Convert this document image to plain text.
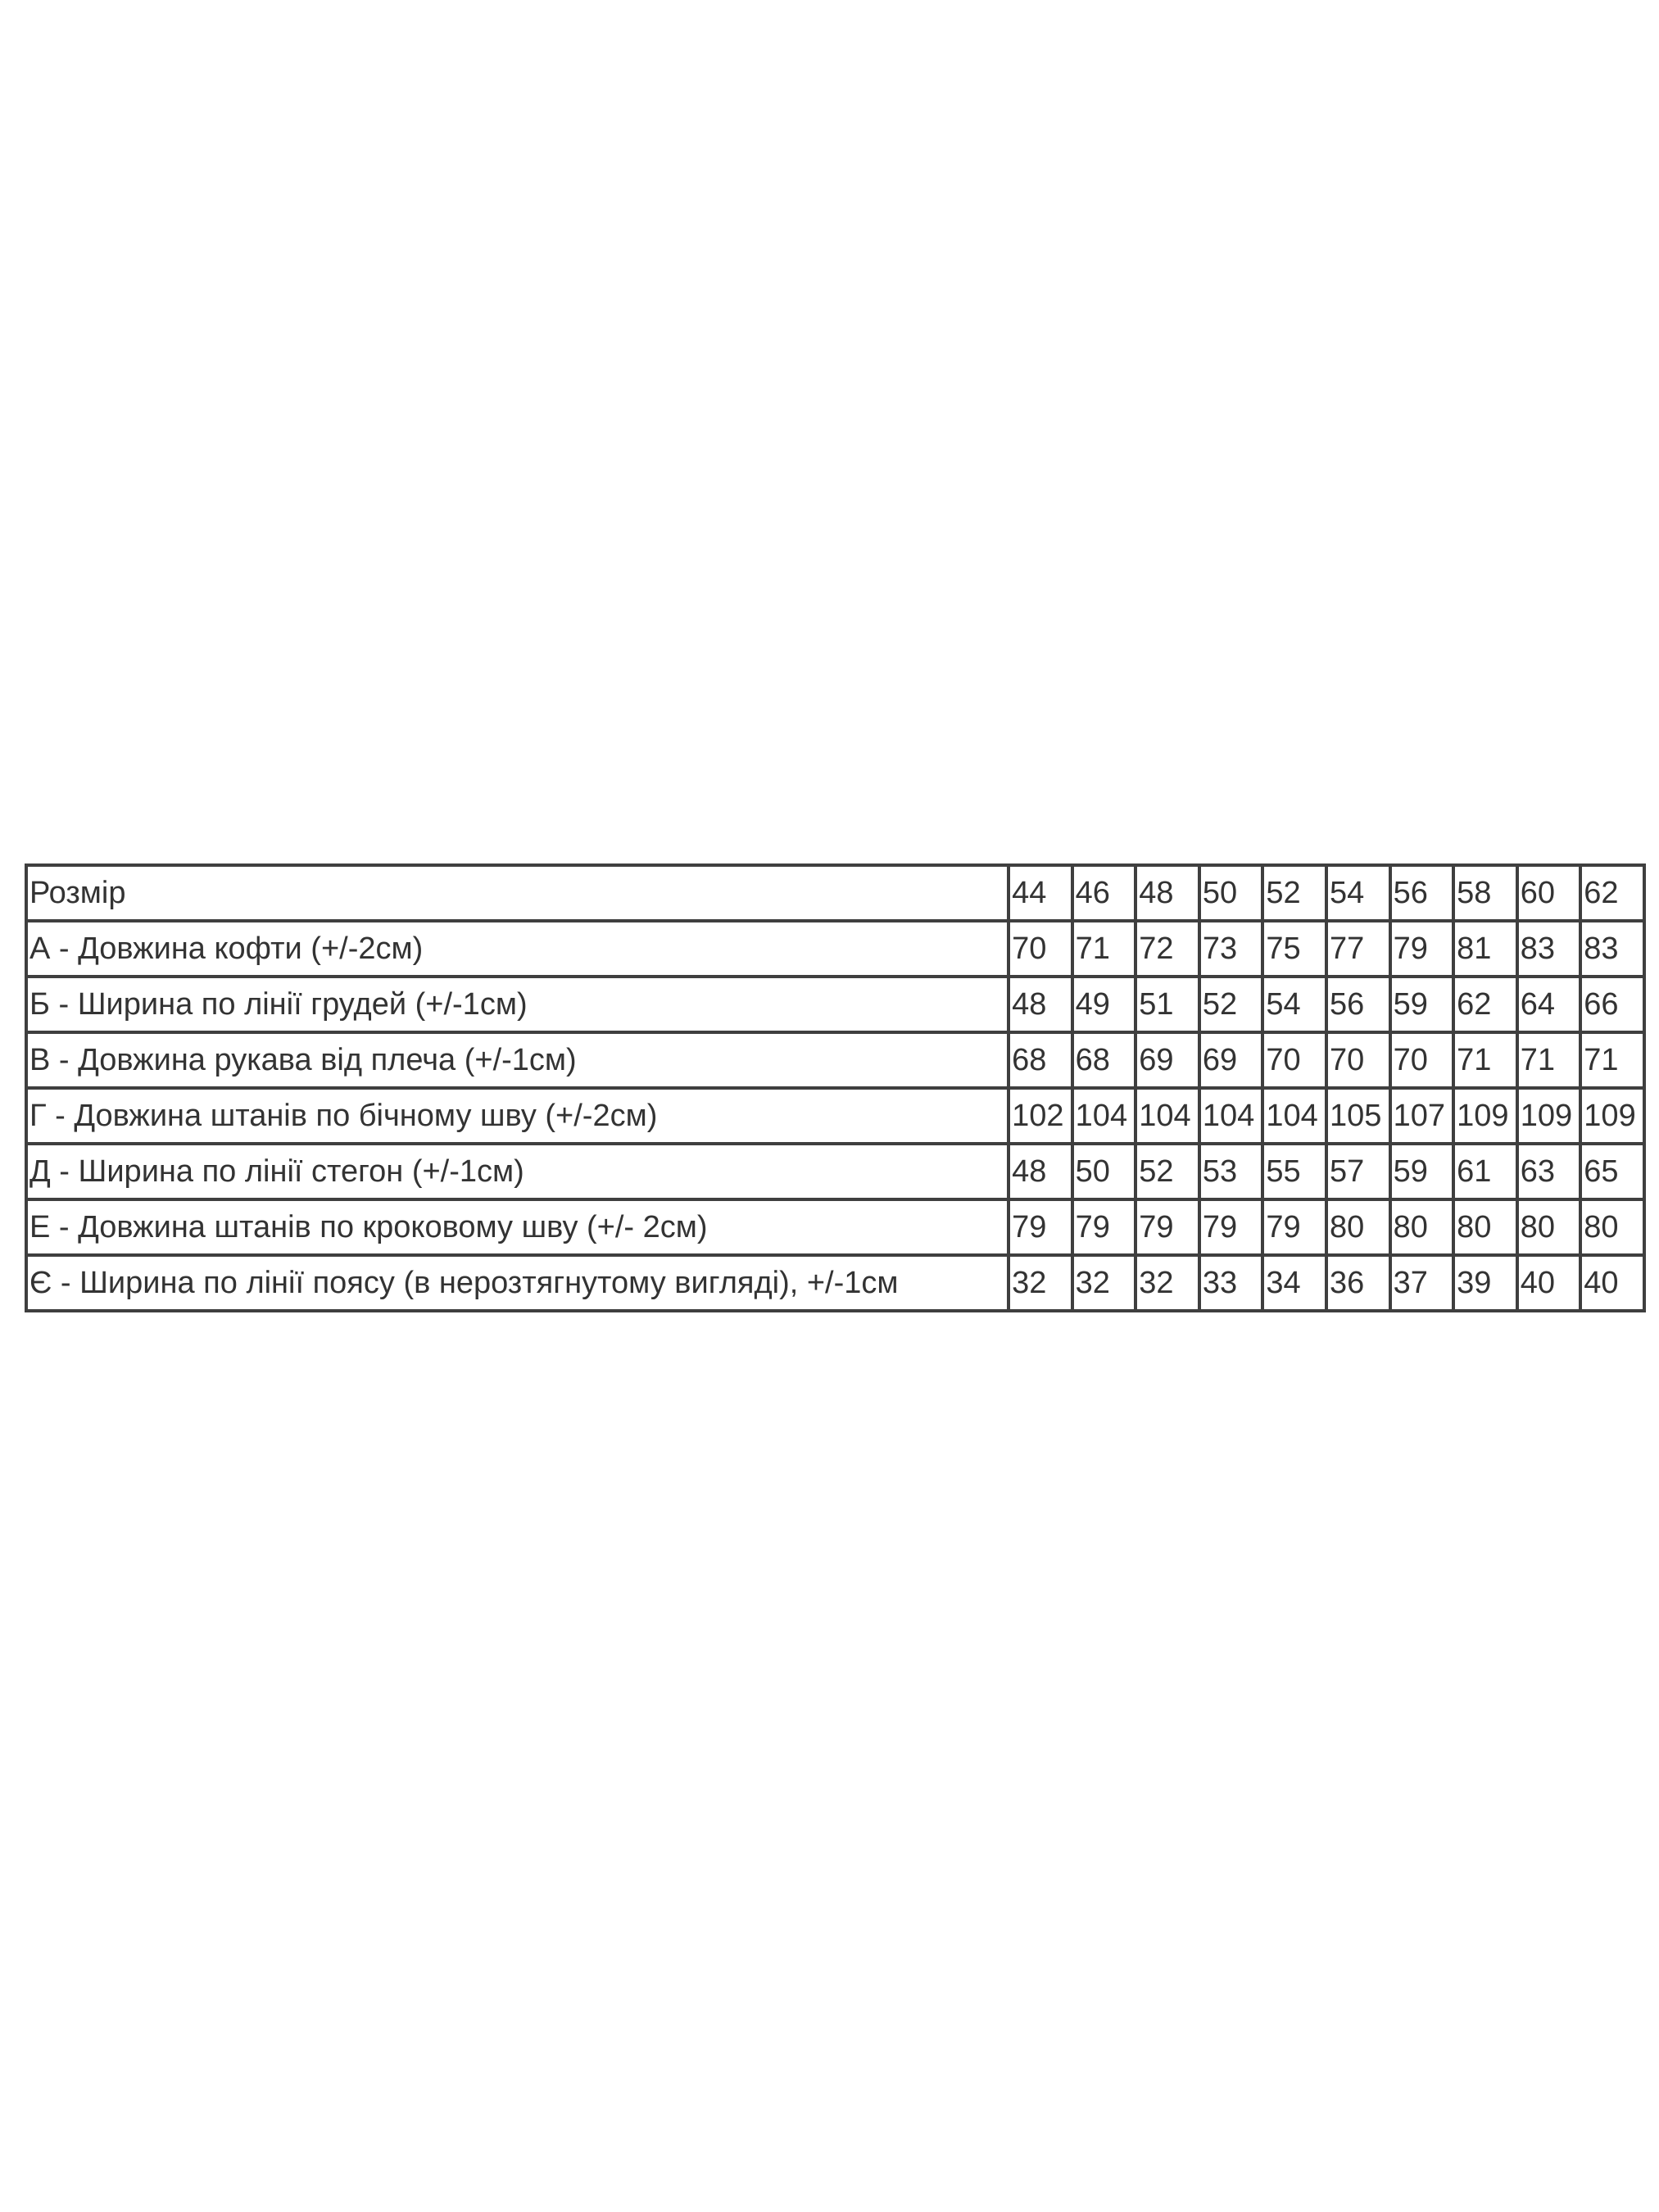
Розмір	44	46	48	50	52	54	56	58	60	62
А - Довжина кофти (+/-2см)	70	71	72	73	75	77	79	81	83	83
Б - Ширина по лінії грудей (+/-1см)	48	49	51	52	54	56	59	62	64	66
В - Довжина рукава від плеча (+/-1см)	68	68	69	69	70	70	70	71	71	71
Г - Довжина штанів по бічному шву (+/-2см)	102	104	104	104	104	105	107	109	109	109
Д - Ширина по лінії стегон (+/-1см)	48	50	52	53	55	57	59	61	63	65
Е - Довжина штанів по кроковому шву (+/- 2см)	79	79	79	79	79	80	80	80	80	80
Є - Ширина по лінії поясу (в нерозтягнутому вигляді), +/-1см	32	32	32	33	34	36	37	39	40	40
